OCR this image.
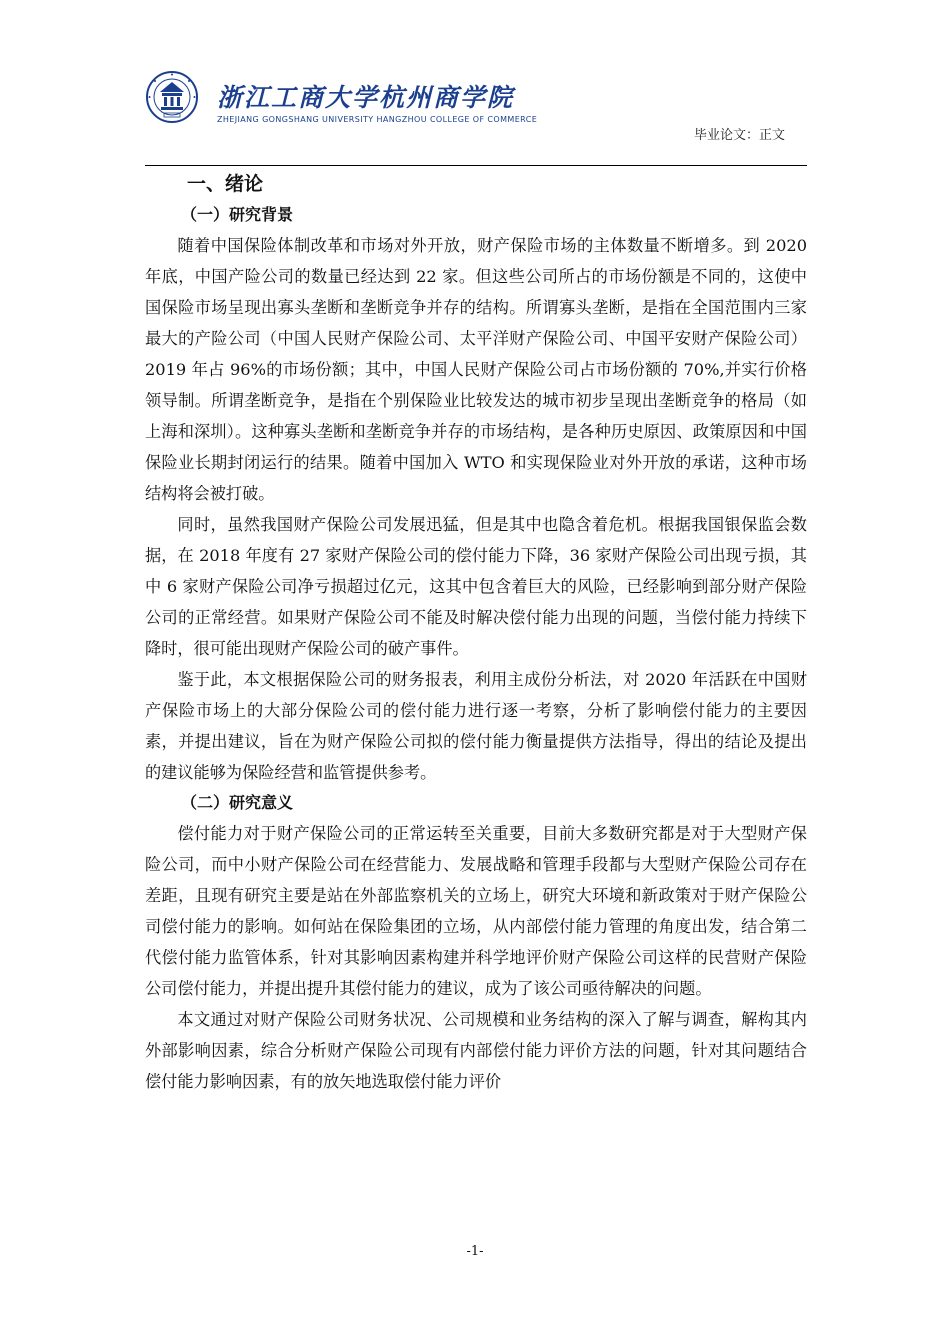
浙江工商大学杭州商学院
ZHEJIANG GONGSHANG UNIVERSITY HANGZHOU COLLEGE OF COMMERCE
毕业论文：正文
一、绪论
（一）研究背景

随着中国保险体制改革和市场对外开放，财产保险市场的主体数量不断增多。到 2020 年底，中国产险公司的数量已经达到 22 家。但这些公司所占的市场份额是不同的，这使中国保险市场呈现出寡头垄断和垄断竞争并存的结构。所谓寡头垄断，是指在全国范围内三家最大的产险公司（中国人民财产保险公司、太平洋财产保险公司、中国平安财产保险公司）2019 年占 96%的市场份额；其中，中国人民财产保险公司占市场份额的 70%,并实行价格领导制。所谓垄断竞争，是指在个别保险业比较发达的城市初步呈现出垄断竞争的格局（如上海和深圳）。这种寡头垄断和垄断竞争并存的市场结构，是各种历史原因、政策原因和中国保险业长期封闭运行的结果。随着中国加入 WTO 和实现保险业对外开放的承诺，这种市场结构将会被打破。

同时，虽然我国财产保险公司发展迅猛，但是其中也隐含着危机。根据我国银保监会数据，在 2018 年度有 27 家财产保险公司的偿付能力下降，36 家财产保险公司出现亏损，其中 6 家财产保险公司净亏损超过亿元，这其中包含着巨大的风险，已经影响到部分财产保险公司的正常经营。如果财产保险公司不能及时解决偿付能力出现的问题，当偿付能力持续下降时，很可能出现财产保险公司的破产事件。

鉴于此，本文根据保险公司的财务报表，利用主成份分析法，对 2020 年活跃在中国财产保险市场上的大部分保险公司的偿付能力进行逐一考察，分析了影响偿付能力的主要因素，并提出建议，旨在为财产保险公司拟的偿付能力衡量提供方法指导，得出的结论及提出的建议能够为保险经营和监管提供参考。

（二）研究意义

偿付能力对于财产保险公司的正常运转至关重要，目前大多数研究都是对于大型财产保险公司，而中小财产保险公司在经营能力、发展战略和管理手段都与大型财产保险公司存在差距，且现有研究主要是站在外部监察机关的立场上，研究大环境和新政策对于财产保险公司偿付能力的影响。如何站在保险集团的立场，从内部偿付能力管理的角度出发，结合第二代偿付能力监管体系，针对其影响因素构建并科学地评价财产保险公司这样的民营财产保险公司偿付能力，并提出提升其偿付能力的建议，成为了该公司亟待解决的问题。

本文通过对财产保险公司财务状况、公司规模和业务结构的深入了解与调查，解构其内外部影响因素，综合分析财产保险公司现有内部偿付能力评价方法的问题，针对其问题结合偿付能力影响因素，有的放矢地选取偿付能力评价

-1-
